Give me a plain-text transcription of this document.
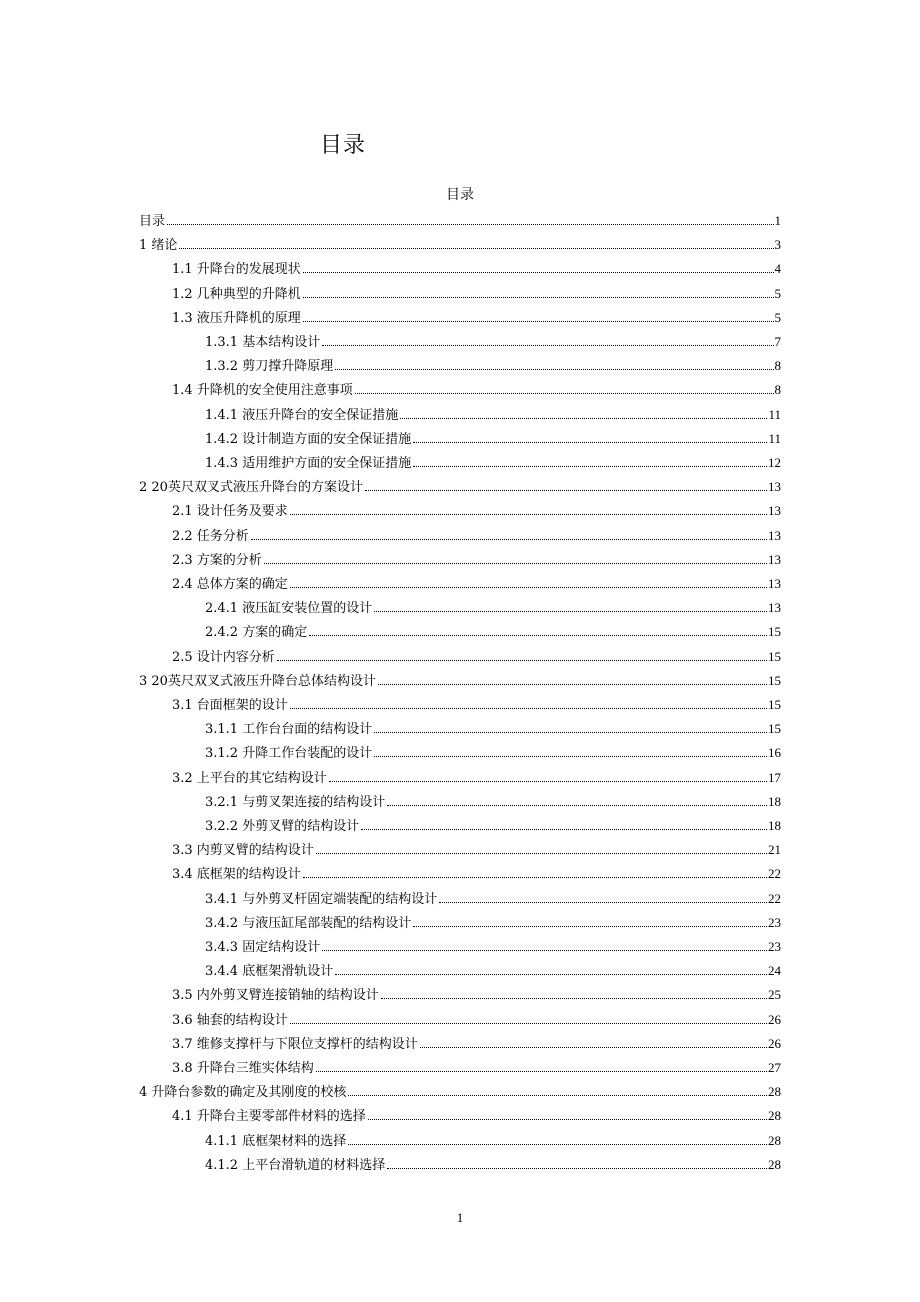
目录
目录
目录	1
1 绪论	3
1.1 升降台的发展现状	4
1.2 几种典型的升降机	5
1.3 液压升降机的原理	5
1.3.1 基本结构设计	7
1.3.2 剪刀撑升降原理	8
1.4 升降机的安全使用注意事项	8
1.4.1 液压升降台的安全保证措施	11
1.4.2 设计制造方面的安全保证措施	11
1.4.3 适用维护方面的安全保证措施	12
2 20英尺双叉式液压升降台的方案设计	13
2.1 设计任务及要求	13
2.2 任务分析	13
2.3 方案的分析	13
2.4 总体方案的确定	13
2.4.1 液压缸安装位置的设计	13
2.4.2 方案的确定	15
2.5 设计内容分析	15
3 20英尺双叉式液压升降台总体结构设计	15
3.1 台面框架的设计	15
3.1.1 工作台台面的结构设计	15
3.1.2 升降工作台装配的设计	16
3.2 上平台的其它结构设计	17
3.2.1 与剪叉架连接的结构设计	18
3.2.2 外剪叉臂的结构设计	18
3.3 内剪叉臂的结构设计	21
3.4 底框架的结构设计	22
3.4.1 与外剪叉杆固定端装配的结构设计	22
3.4.2 与液压缸尾部装配的结构设计	23
3.4.3 固定结构设计	23
3.4.4 底框架滑轨设计	24
3.5 内外剪叉臂连接销轴的结构设计	25
3.6 轴套的结构设计	26
3.7 维修支撑杆与下限位支撑杆的结构设计	26
3.8 升降台三维实体结构	27
4 升降台参数的确定及其刚度的校核	28
4.1 升降台主要零部件材料的选择	28
4.1.1 底框架材料的选择	28
4.1.2 上平台滑轨道的材料选择	28
1
